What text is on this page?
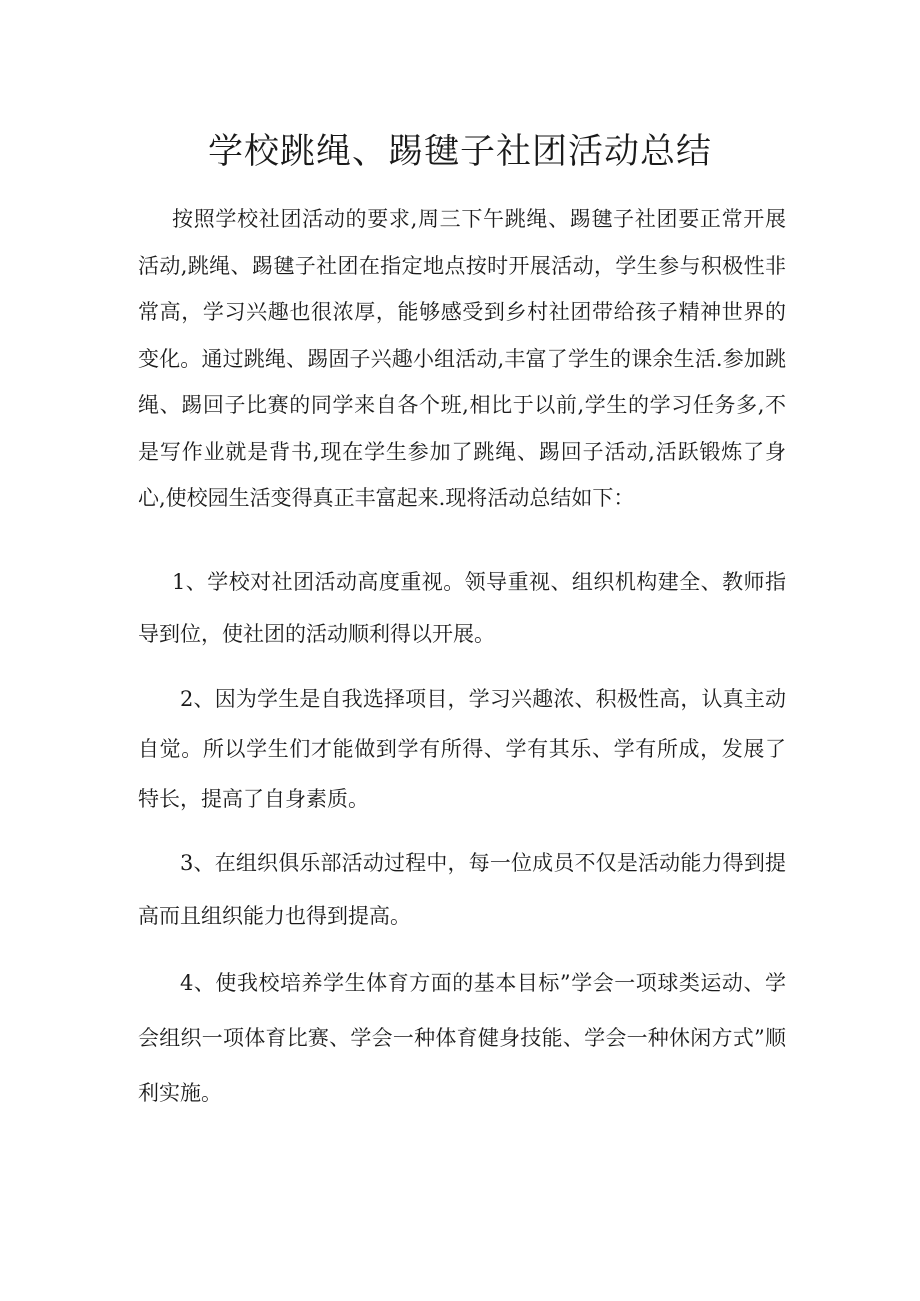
学校跳绳、踢毽子社团活动总结

按照学校社团活动的要求,周三下午跳绳、踢毽子社团要正常开展活动,跳绳、踢毽子社团在指定地点按时开展活动，学生参与积极性非常高，学习兴趣也很浓厚，能够感受到乡村社团带给孩子精神世界的变化。通过跳绳、踢固子兴趣小组活动,丰富了学生的课余生活.参加跳绳、踢回子比赛的同学来自各个班,相比于以前,学生的学习任务多,不是写作业就是背书,现在学生参加了跳绳、踢回子活动,活跃锻炼了身心,使校园生活变得真正丰富起来.现将活动总结如下：

1、学校对社团活动高度重视。领导重视、组织机构建全、教师指导到位，使社团的活动顺利得以开展。

2、因为学生是自我选择项目，学习兴趣浓、积极性高，认真主动自觉。所以学生们才能做到学有所得、学有其乐、学有所成，发展了特长，提高了自身素质。

3、在组织俱乐部活动过程中，每一位成员不仅是活动能力得到提高而且组织能力也得到提高。

4、使我校培养学生体育方面的基本目标”学会一项球类运动、学会组织一项体育比赛、学会一种体育健身技能、学会一种休闲方式”顺利实施。
